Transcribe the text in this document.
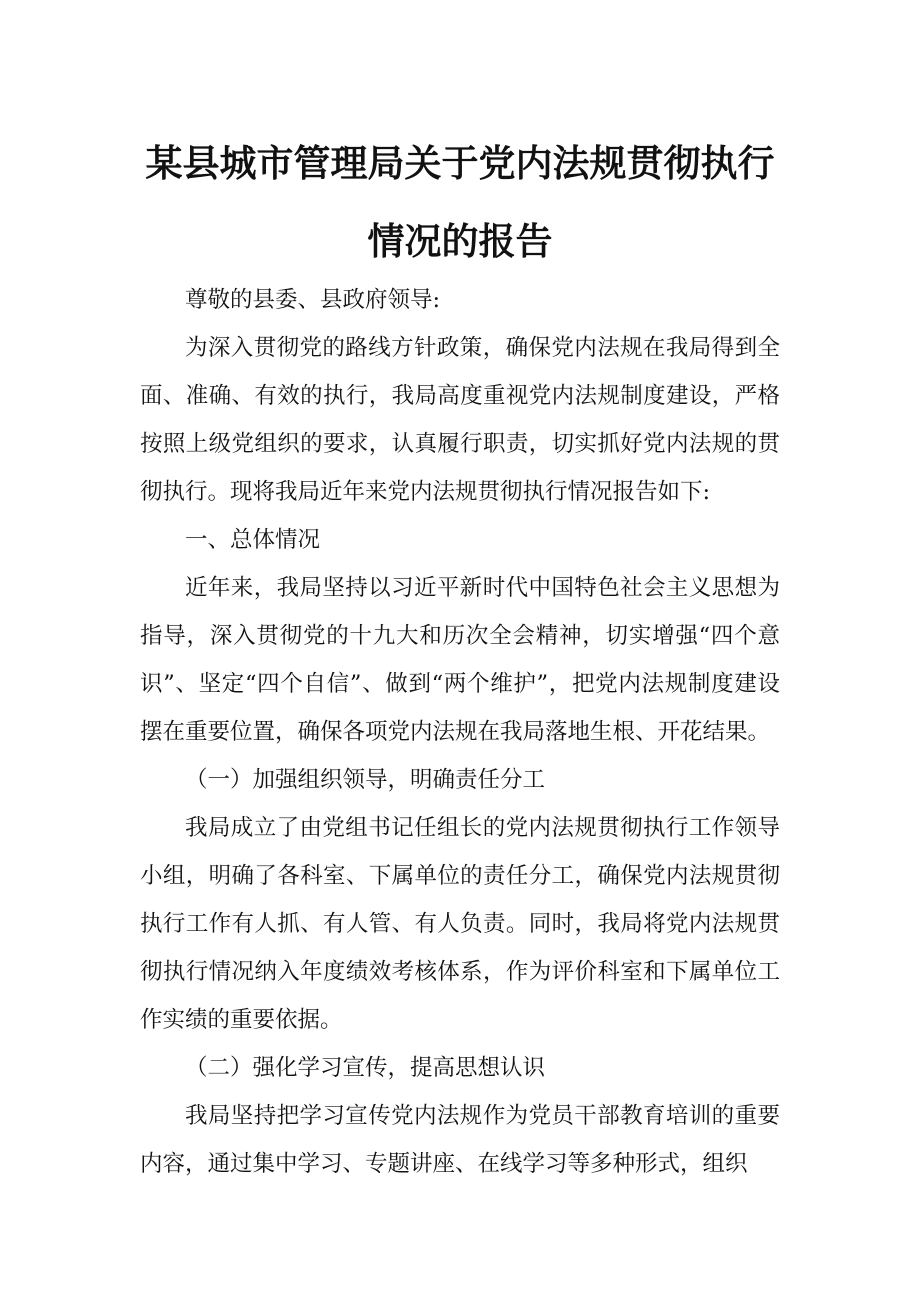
某县城市管理局关于党内法规贯彻执行
情况的报告

尊敬的县委、县政府领导:

为深入贯彻党的路线方针政策，确保党内法规在我局得到全面、准确、有效的执行，我局高度重视党内法规制度建设，严格按照上级党组织的要求，认真履行职责，切实抓好党内法规的贯彻执行。现将我局近年来党内法规贯彻执行情况报告如下:

一、总体情况

近年来，我局坚持以习近平新时代中国特色社会主义思想为指导，深入贯彻党的十九大和历次全会精神，切实增强“四个意识”、坚定“四个自信”、做到“两个维护”，把党内法规制度建设摆在重要位置，确保各项党内法规在我局落地生根、开花结果。

（一）加强组织领导，明确责任分工

我局成立了由党组书记任组长的党内法规贯彻执行工作领导小组，明确了各科室、下属单位的责任分工，确保党内法规贯彻执行工作有人抓、有人管、有人负责。同时，我局将党内法规贯彻执行情况纳入年度绩效考核体系，作为评价科室和下属单位工作实绩的重要依据。

（二）强化学习宣传，提高思想认识

我局坚持把学习宣传党内法规作为党员干部教育培训的重要内容，通过集中学习、专题讲座、在线学习等多种形式，组织
